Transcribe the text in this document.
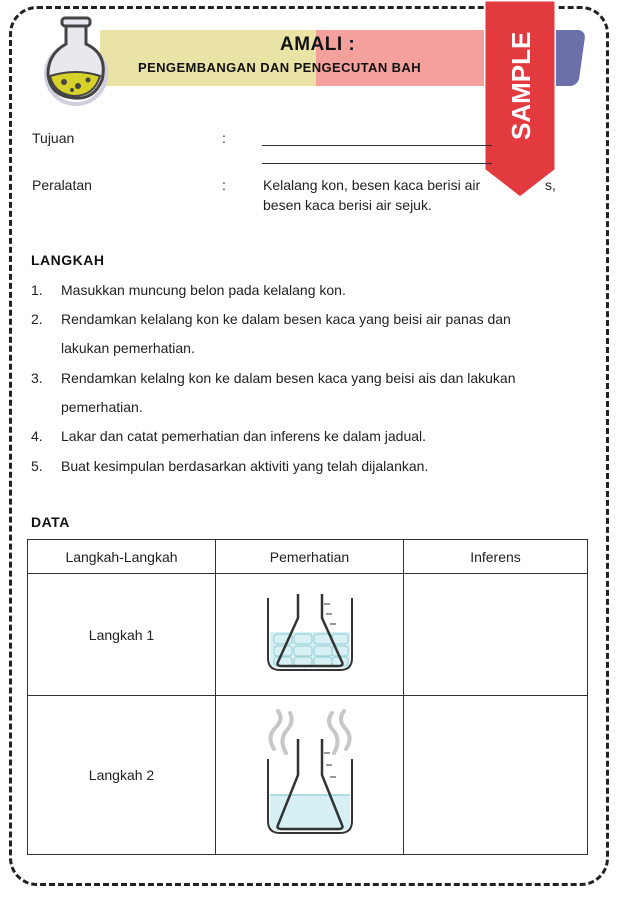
AMALI :
PENGEMBANGAN DAN PENGECUTAN BAH	SAMPLE
Tujuan	:
Peralatan	:	Kelalang kon, besen kaca berisi air	s,
besen kaca berisi air sejuk.
LANGKAH
1. Masukkan muncung belon pada kelalang kon.
2. Rendamkan kelalang kon ke dalam besen kaca yang beisi air panas dan
lakukan pemerhatian.
3. Rendamkan kelalng kon ke dalam besen kaca yang beisi ais dan lakukan
pemerhatian.
4. Lakar dan catat pemerhatian dan inferens ke dalam jadual.
5. Buat kesimpulan berdasarkan aktiviti yang telah dijalankan.
DATA
Langkah-Langkah	Pemerhatian	Inferens
Langkah 1		
Langkah 2		
